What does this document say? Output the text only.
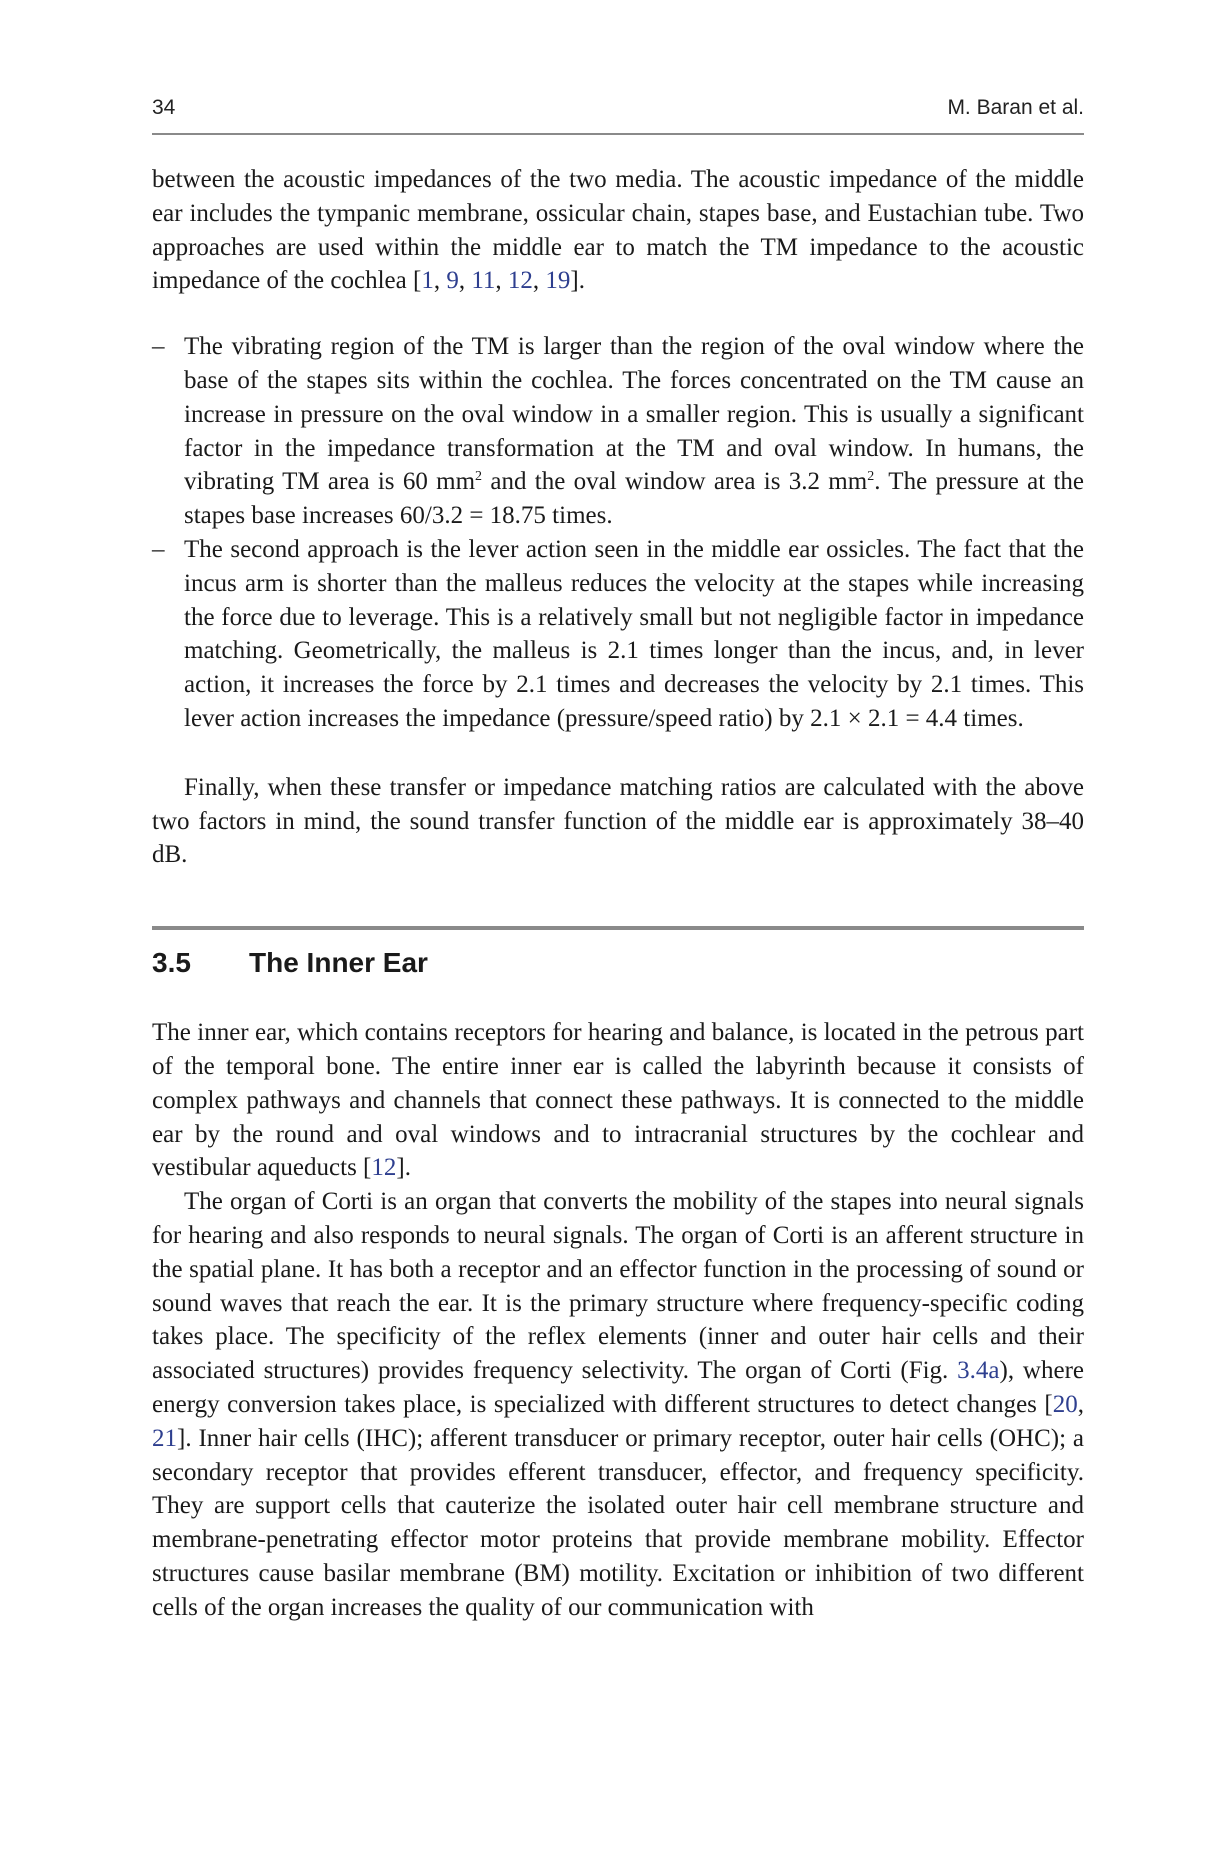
34	M. Baran et al.

between the acoustic impedances of the two media. The acoustic impedance of the middle ear includes the tympanic membrane, ossicular chain, stapes base, and Eustachian tube. Two approaches are used within the middle ear to match the TM impedance to the acoustic impedance of the cochlea [1, 9, 11, 12, 19].

– The vibrating region of the TM is larger than the region of the oval window where the base of the stapes sits within the cochlea. The forces concentrated on the TM cause an increase in pressure on the oval window in a smaller region. This is usually a significant factor in the impedance transformation at the TM and oval window. In humans, the vibrating TM area is 60 $mm^2$ and the oval window area is 3.2 $mm^2$. The pressure at the stapes base increases 60/3.2 = 18.75 times.
– The second approach is the lever action seen in the middle ear ossicles. The fact that the incus arm is shorter than the malleus reduces the velocity at the stapes while increasing the force due to leverage. This is a relatively small but not negligible factor in impedance matching. Geometrically, the malleus is 2.1 times longer than the incus, and, in lever action, it increases the force by 2.1 times and decreases the velocity by 2.1 times. This lever action increases the impedance (pressure/speed ratio) by 2.1 × 2.1 = 4.4 times.

Finally, when these transfer or impedance matching ratios are calculated with the above two factors in mind, the sound transfer function of the middle ear is approximately 38–40 dB.

3.5 The Inner Ear

The inner ear, which contains receptors for hearing and balance, is located in the petrous part of the temporal bone. The entire inner ear is called the labyrinth because it consists of complex pathways and channels that connect these pathways. It is connected to the middle ear by the round and oval windows and to intracranial structures by the cochlear and vestibular aqueducts [12].

The organ of Corti is an organ that converts the mobility of the stapes into neural signals for hearing and also responds to neural signals. The organ of Corti is an afferent structure in the spatial plane. It has both a receptor and an effector function in the processing of sound or sound waves that reach the ear. It is the primary structure where frequency-specific coding takes place. The specificity of the reflex elements (inner and outer hair cells and their associated structures) provides frequency selectivity. The organ of Corti (Fig. 3.4a), where energy conversion takes place, is specialized with different structures to detect changes [20, 21]. Inner hair cells (IHC); afferent transducer or primary receptor, outer hair cells (OHC); a secondary receptor that provides efferent transducer, effector, and frequency specificity. They are support cells that cauterize the isolated outer hair cell membrane structure and membrane-penetrating effector motor proteins that provide membrane mobility. Effector structures cause basilar membrane (BM) motility. Excitation or inhibition of two different cells of the organ increases the quality of our communication with
